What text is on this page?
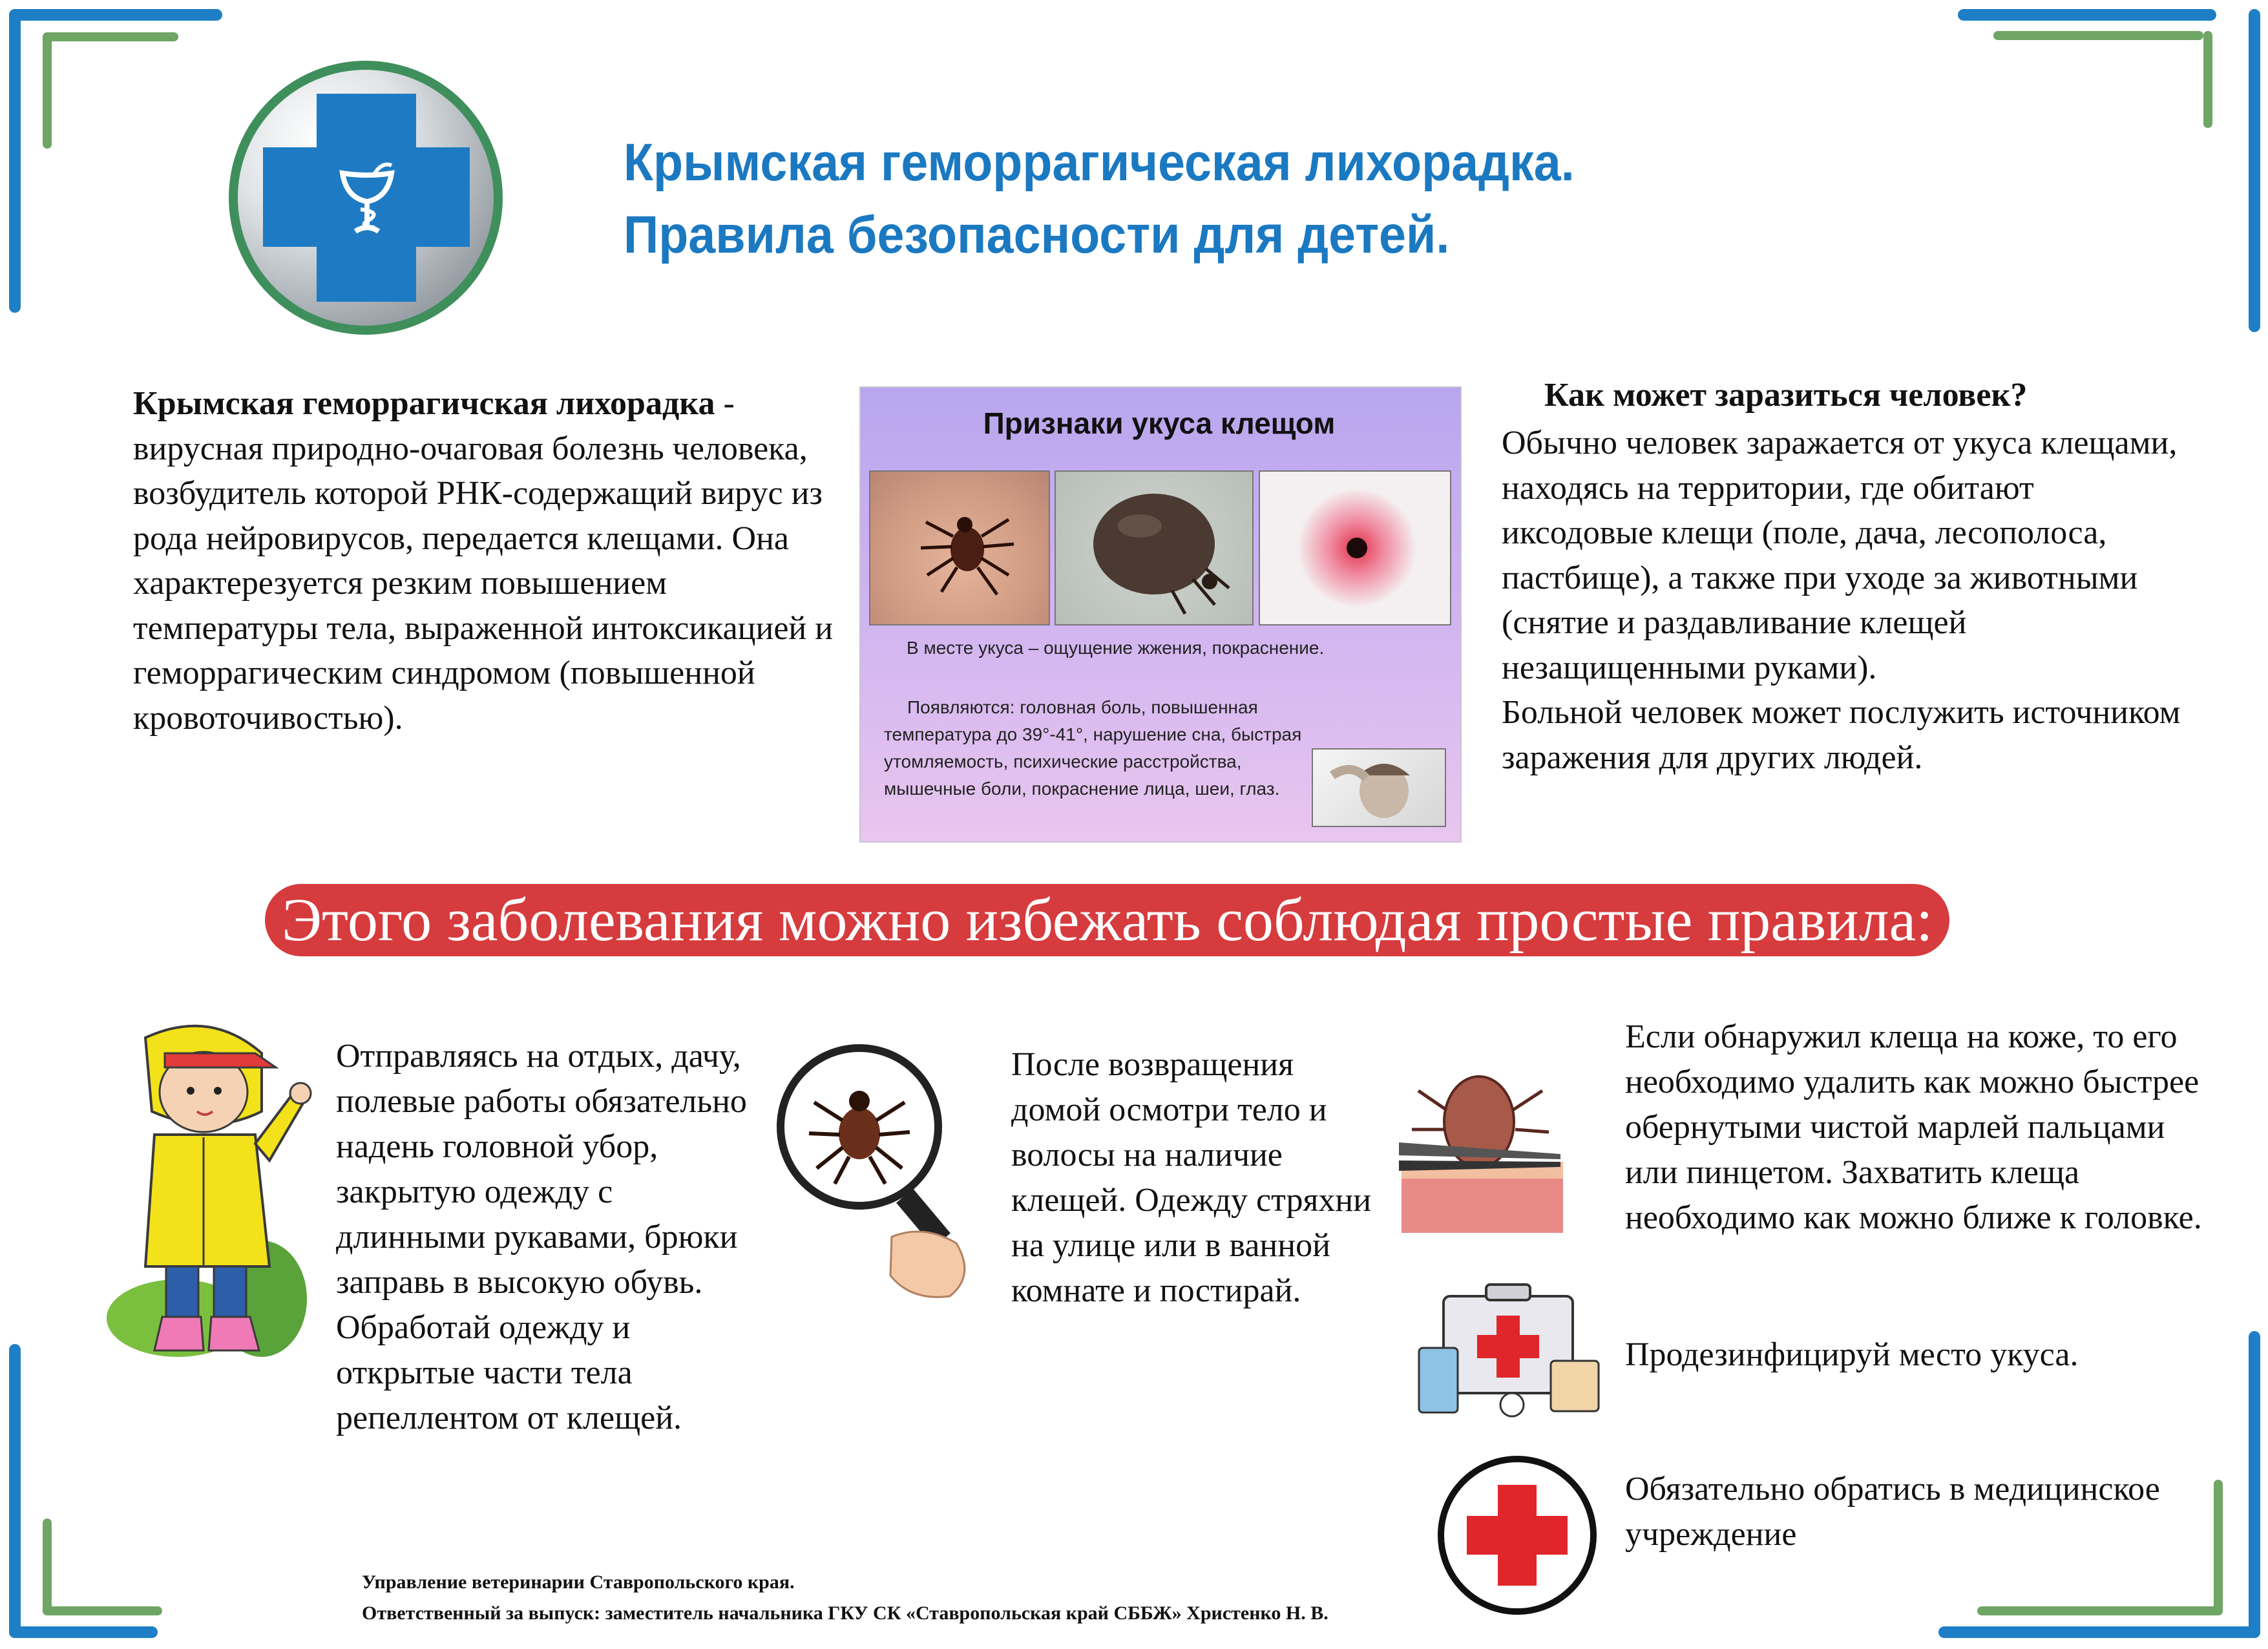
Крымская геморрагическая лихорадка.
Правила безопасности для детей.
Крымская геморрагичская лихорадка - вирусная природно-очаговая болезнь человека, возбудитель которой РНК-содержащий вирус из рода нейровирусов, передается клещами. Она характерезуется резким повышением температуры тела, выраженной интоксикацией и геморрагическим синдромом (повышенной кровоточивостью).
Признаки укуса клещом
В месте укуса – ощущение жжения, покраснение.
Появляются: головная боль, повышенная температура до 39°-41°, нарушение сна, быстрая утомляемость, психические расстройства, мышечные боли, покраснение лица, шеи, глаз.
Как может заразиться человек?
Обычно человек заражается от укуса клещами, находясь на территории, где обитают иксодовые клещи (поле, дача, лесополоса, пастбище), а также при уходе за животными (снятие и раздавливание клещей незащищенными руками).
Больной человек может послужить источником заражения для других людей.
Этого заболевания можно избежать соблюдая простые правила:
Отправляясь на отдых, дачу, полевые работы обязательно надень головной убор, закрытую одежду с длинными рукавами, брюки заправь в высокую обувь. Обработай одежду и открытые части тела репеллентом от клещей.
После возвращения домой осмотри тело и волосы на наличие клещей. Одежду стряхни на улице или в ванной комнате и постирай.
Если обнаружил клеща на коже, то его необходимо удалить как можно быстрее обернутыми чистой марлей пальцами или пинцетом. Захватить клеща необходимо как можно ближе к головке.
Продезинфицируй место укуса.
Обязательно обратись в медицинское учреждение
Управление ветеринарии Ставропольского края.
Ответственный за выпуск: заместитель начальника ГКУ СК «Ставропольская край СББЖ» Христенко Н. В.
